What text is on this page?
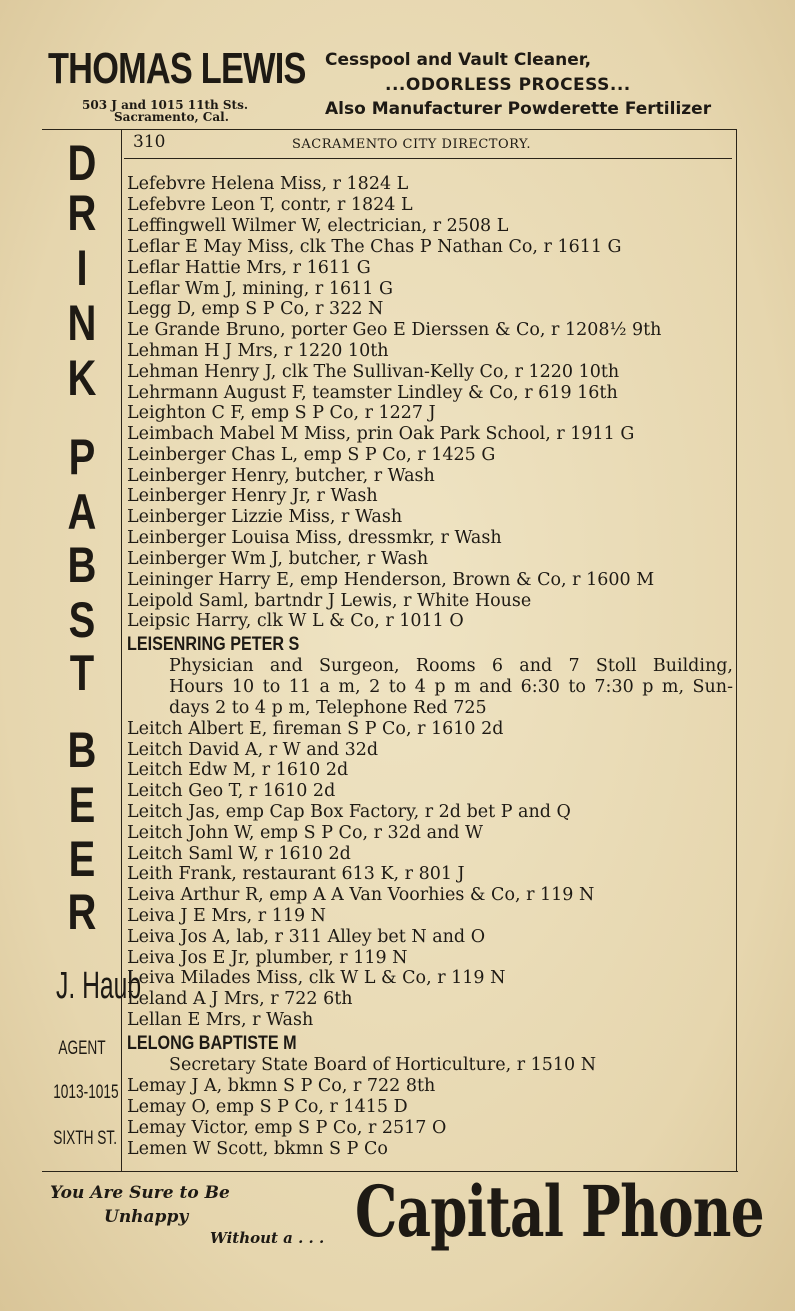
THOMAS LEWIS
503 J and 1015 11th Sts.
Sacramento, Cal.
Cesspool and Vault Cleaner,
...ODORLESS PROCESS...
Also Manufacturer Powderette Fertilizer
310	SACRAMENTO CITY DIRECTORY.
D
R
I
N
K
P
A
B
S
T
B
E
E
R
J. Haub
AGENT
1013-1015
SIXTH ST.
Lefebvre Helena Miss, r 1824 L
Lefebvre Leon T, contr, r 1824 L
Leffingwell Wilmer W, electrician, r 2508 L
Leflar E May Miss, clk The Chas P Nathan Co, r 1611 G
Leflar Hattie Mrs, r 1611 G
Leflar Wm J, mining, r 1611 G
Legg D, emp S P Co, r 322 N
Le Grande Bruno, porter Geo E Dierssen & Co, r 1208½ 9th
Lehman H J Mrs, r 1220 10th
Lehman Henry J, clk The Sullivan-Kelly Co, r 1220 10th
Lehrmann August F, teamster Lindley & Co, r 619 16th
Leighton C F, emp S P Co, r 1227 J
Leimbach Mabel M Miss, prin Oak Park School, r 1911 G
Leinberger Chas L, emp S P Co, r 1425 G
Leinberger Henry, butcher, r Wash
Leinberger Henry Jr, r Wash
Leinberger Lizzie Miss, r Wash
Leinberger Louisa Miss, dressmkr, r Wash
Leinberger Wm J, butcher, r Wash
Leininger Harry E, emp Henderson, Brown & Co, r 1600 M
Leipold Saml, bartndr J Lewis, r White House
Leipsic Harry, clk W L & Co, r 1011 O
LEISENRING PETER S
Physician and Surgeon, Rooms 6 and 7 Stoll Building,
Hours 10 to 11 a m, 2 to 4 p m and 6:30 to 7:30 p m, Sun-
days 2 to 4 p m, Telephone Red 725
Leitch Albert E, fireman S P Co, r 1610 2d
Leitch David A, r W and 32d
Leitch Edw M, r 1610 2d
Leitch Geo T, r 1610 2d
Leitch Jas, emp Cap Box Factory, r 2d bet P and Q
Leitch John W, emp S P Co, r 32d and W
Leitch Saml W, r 1610 2d
Leith Frank, restaurant 613 K, r 801 J
Leiva Arthur R, emp A A Van Voorhies & Co, r 119 N
Leiva J E Mrs, r 119 N
Leiva Jos A, lab, r 311 Alley bet N and O
Leiva Jos E Jr, plumber, r 119 N
Leiva Milades Miss, clk W L & Co, r 119 N
Leland A J Mrs, r 722 6th
Lellan E Mrs, r Wash
LELONG BAPTISTE M
Secretary State Board of Horticulture, r 1510 N
Lemay J A, bkmn S P Co, r 722 8th
Lemay O, emp S P Co, r 1415 D
Lemay Victor, emp S P Co, r 2517 O
Lemen W Scott, bkmn S P Co
You Are Sure to Be
Unhappy
Without a . . . Capital Phone
